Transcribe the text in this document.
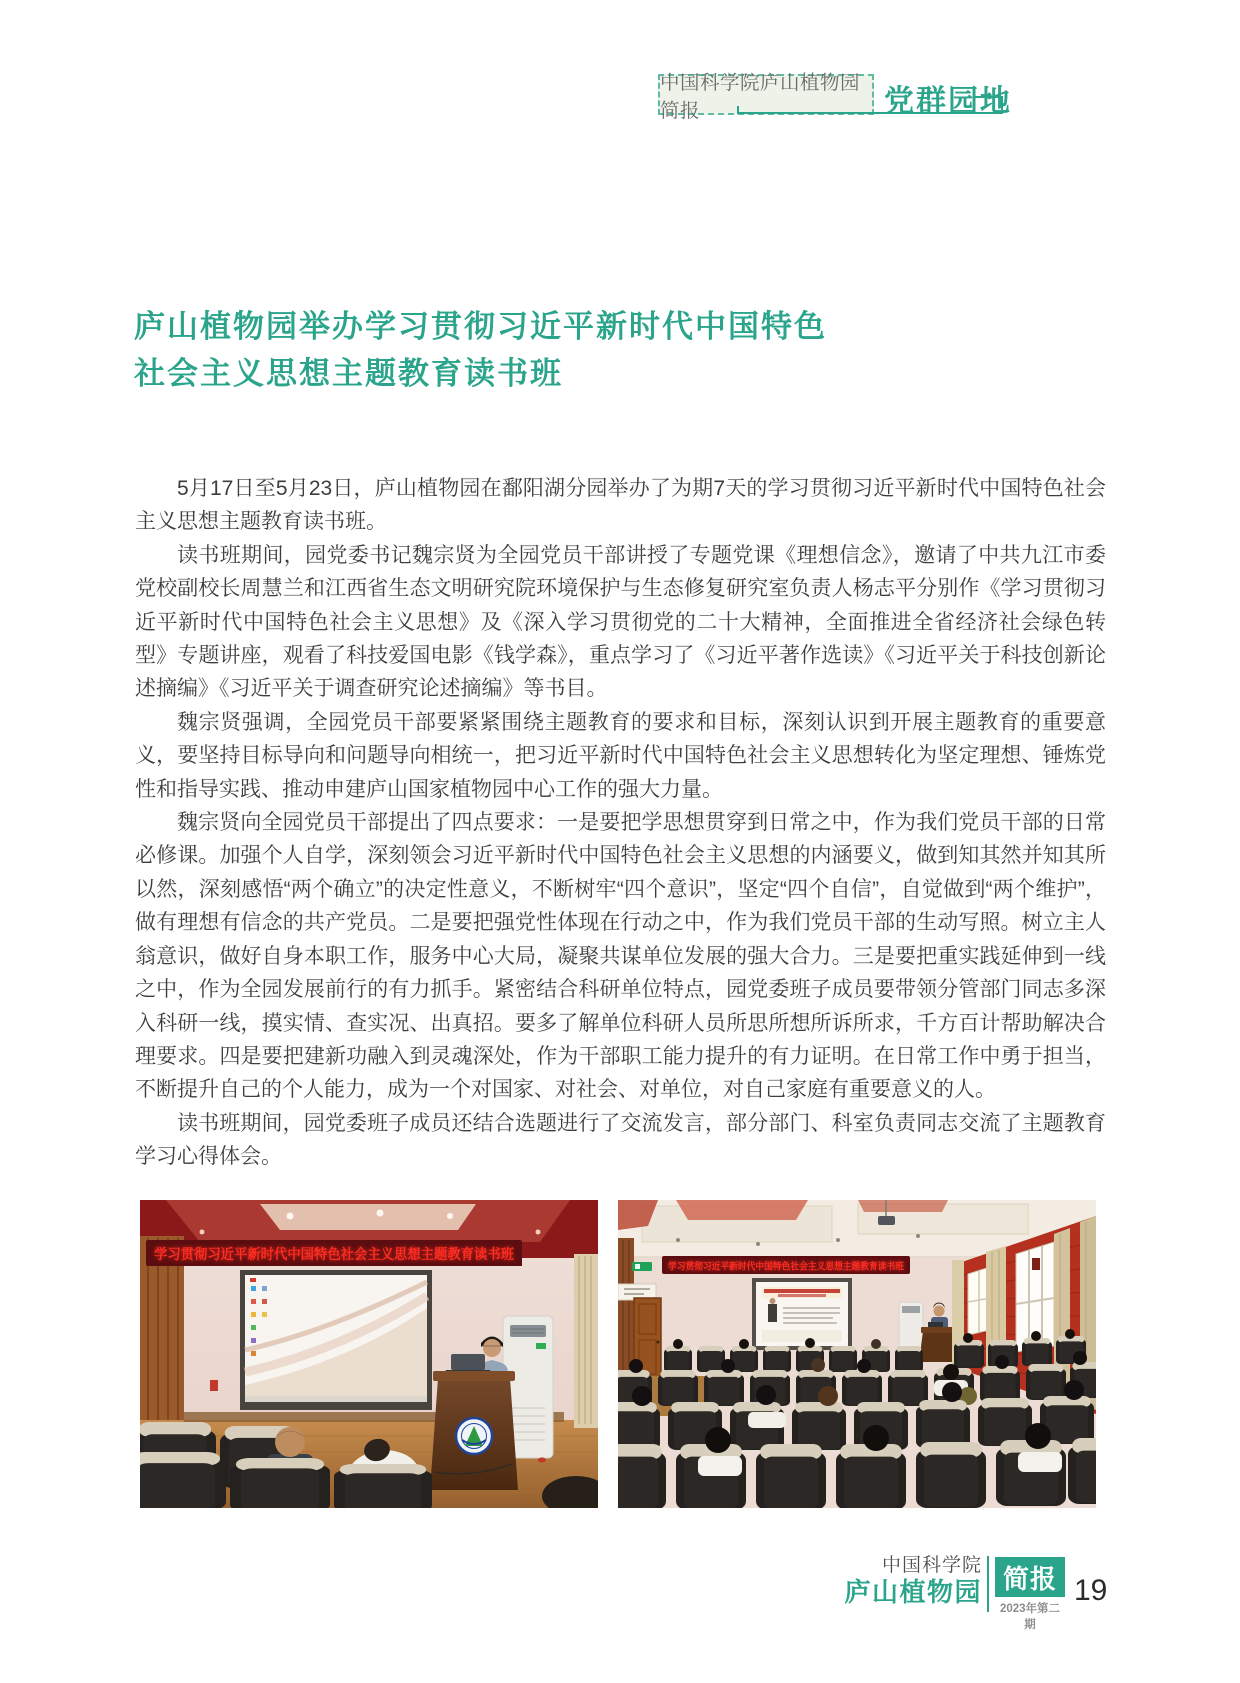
中国科学院庐山植物园简报	党群园地
庐山植物园举办学习贯彻习近平新时代中国特色
社会主义思想主题教育读书班

5月17日至5月23日，庐山植物园在鄱阳湖分园举办了为期7天的学习贯彻习近平新时代中国特色社会主义思想主题教育读书班。

读书班期间，园党委书记魏宗贤为全园党员干部讲授了专题党课《理想信念》，邀请了中共九江市委党校副校长周慧兰和江西省生态文明研究院环境保护与生态修复研究室负责人杨志平分别作《学习贯彻习近平新时代中国特色社会主义思想》及《深入学习贯彻党的二十大精神，全面推进全省经济社会绿色转型》专题讲座，观看了科技爱国电影《钱学森》，重点学习了《习近平著作选读》《习近平关于科技创新论述摘编》《习近平关于调查研究论述摘编》等书目。

魏宗贤强调，全园党员干部要紧紧围绕主题教育的要求和目标，深刻认识到开展主题教育的重要意义，要坚持目标导向和问题导向相统一，把习近平新时代中国特色社会主义思想转化为坚定理想、锤炼党性和指导实践、推动申建庐山国家植物园中心工作的强大力量。

魏宗贤向全园党员干部提出了四点要求：一是要把学思想贯穿到日常之中，作为我们党员干部的日常必修课。加强个人自学，深刻领会习近平新时代中国特色社会主义思想的内涵要义，做到知其然并知其所以然，深刻感悟“两个确立”的决定性意义，不断树牢“四个意识”，坚定“四个自信”，自觉做到“两个维护”，做有理想有信念的共产党员。二是要把强党性体现在行动之中，作为我们党员干部的生动写照。树立主人翁意识，做好自身本职工作，服务中心大局，凝聚共谋单位发展的强大合力。三是要把重实践延伸到一线之中，作为全园发展前行的有力抓手。紧密结合科研单位特点，园党委班子成员要带领分管部门同志多深入科研一线，摸实情、查实况、出真招。要多了解单位科研人员所思所想所诉所求，千方百计帮助解决合理要求。四是要把建新功融入到灵魂深处，作为干部职工能力提升的有力证明。在日常工作中勇于担当，不断提升自己的个人能力，成为一个对国家、对社会、对单位，对自己家庭有重要意义的人。

读书班期间，园党委班子成员还结合选题进行了交流发言，部分部门、科室负责同志交流了主题教育学习心得体会。

学习贯彻习近平新时代中国特色社会主义思想主题教育读书班
学习贯彻习近平新时代中国特色社会主义思想主题教育读书班
中国科学院
庐山植物园 简报
2023年第二期
19
